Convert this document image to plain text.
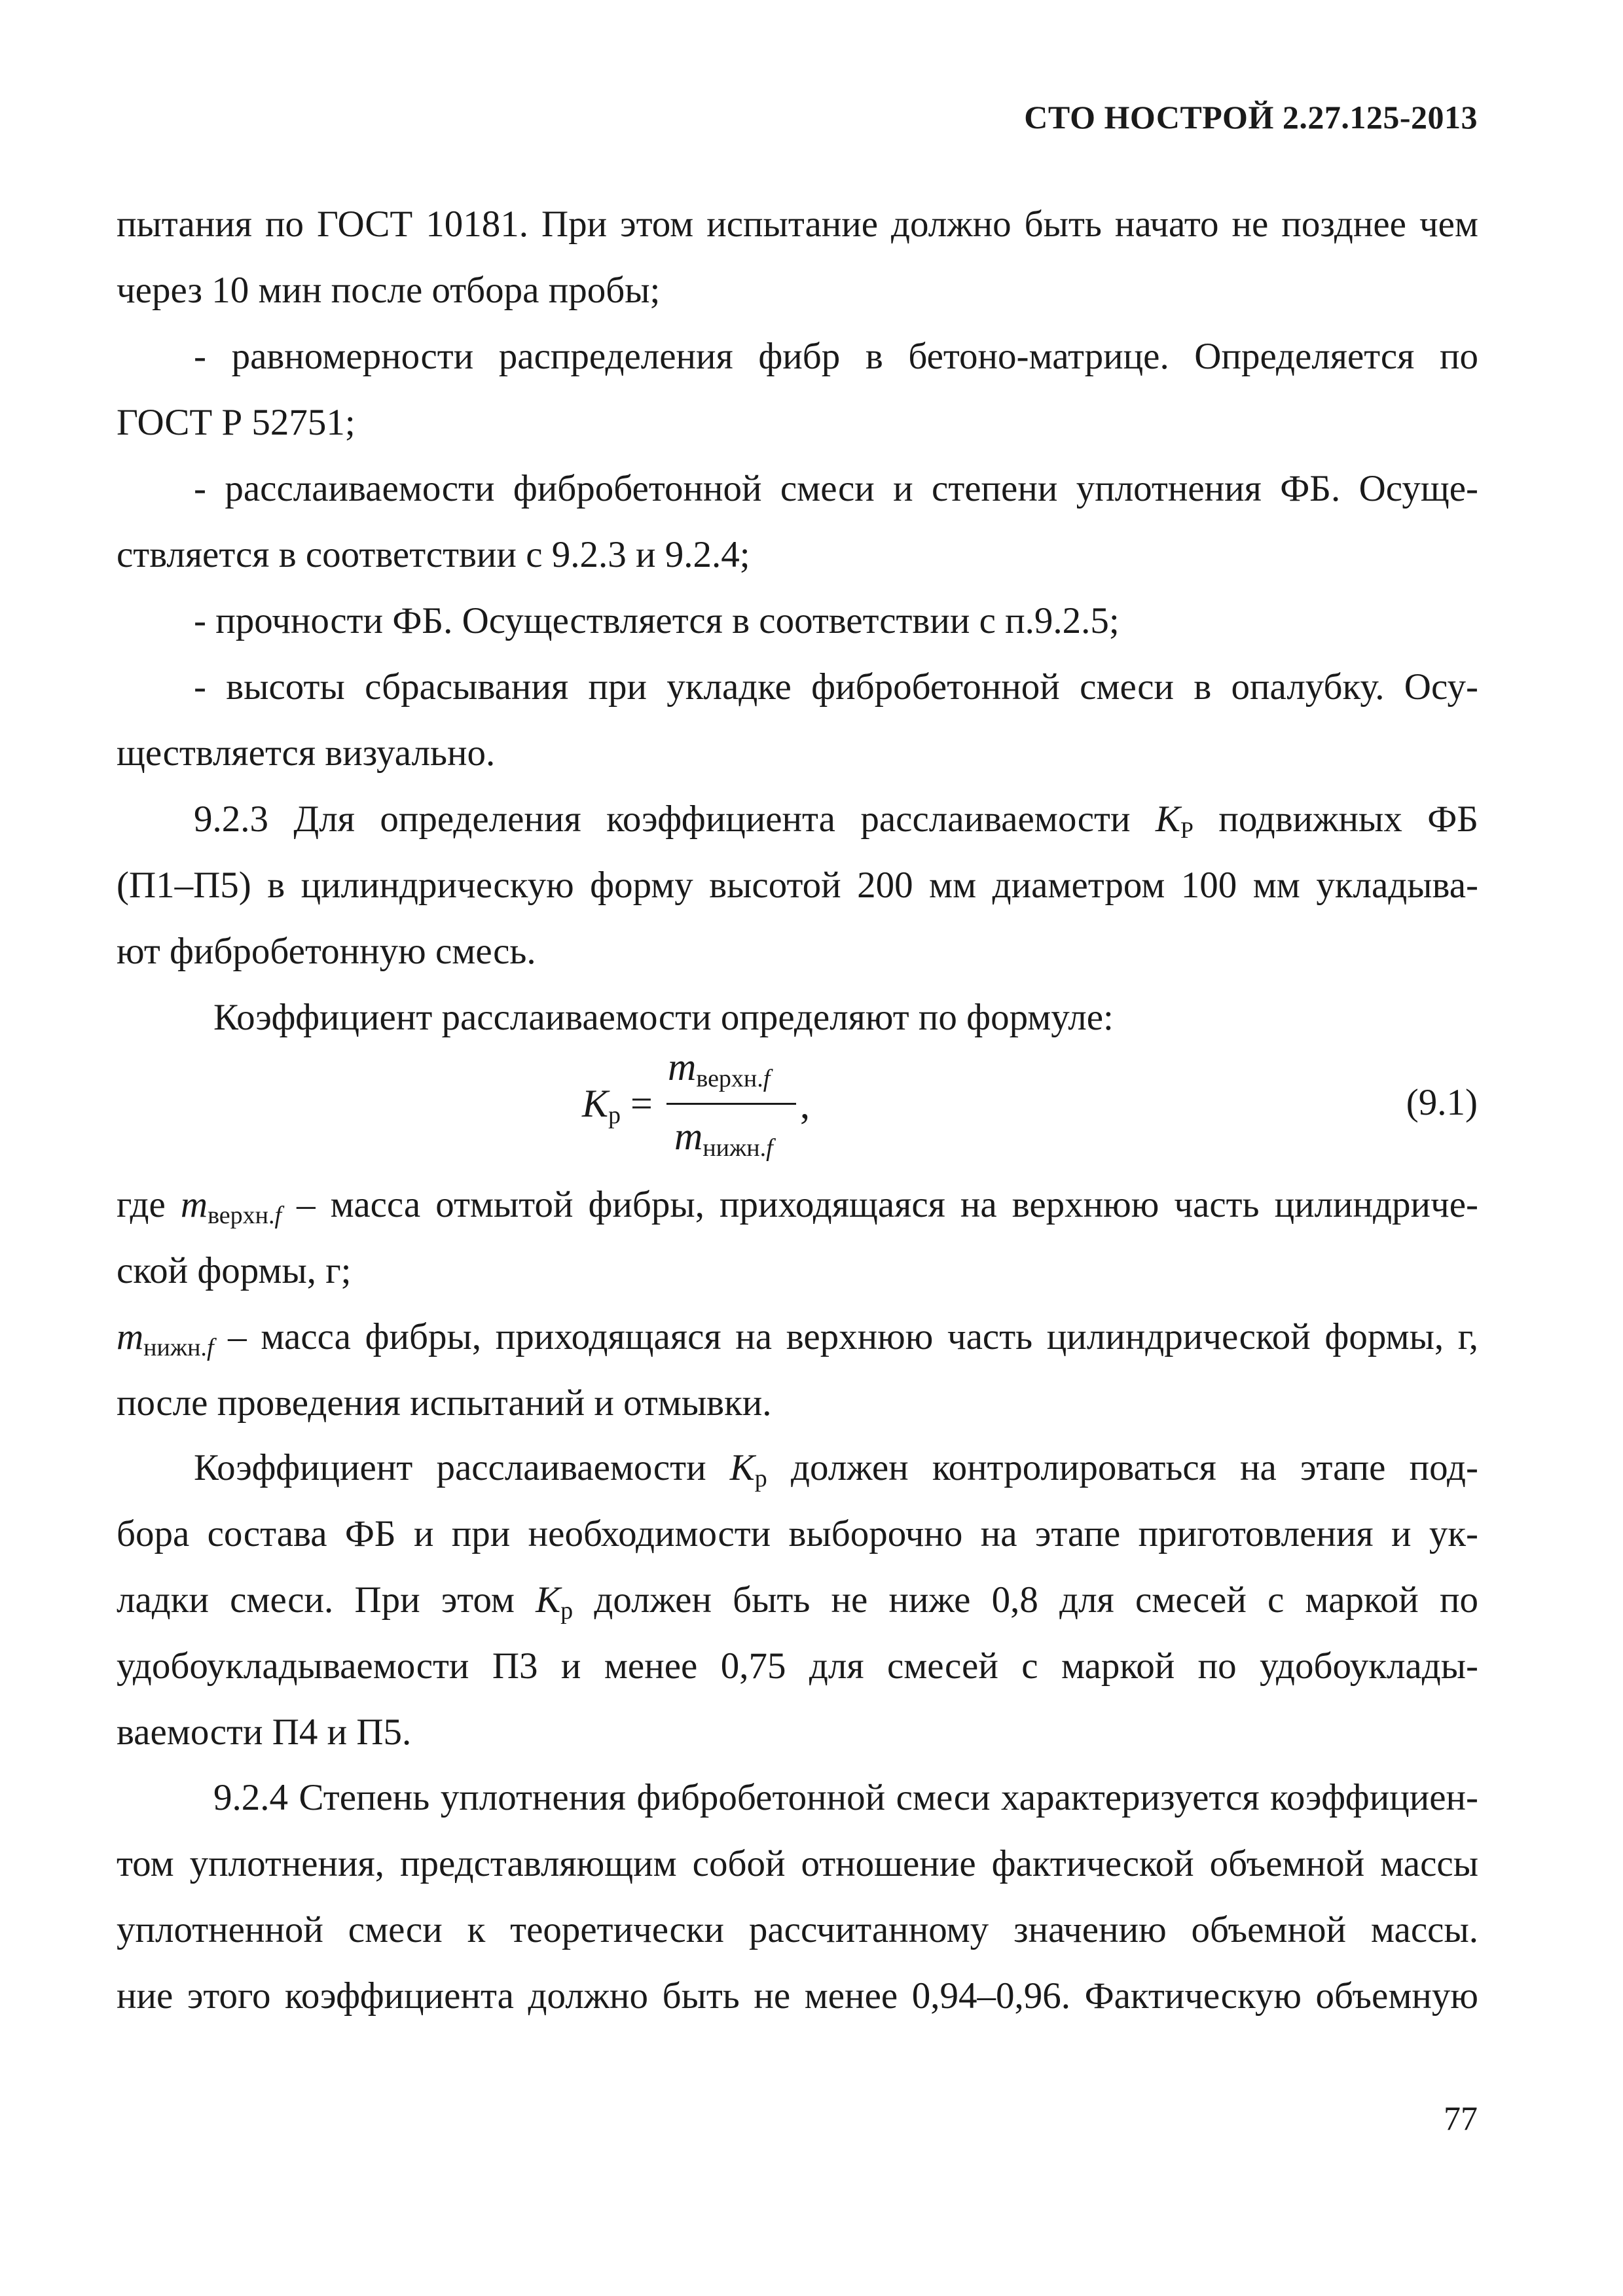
СТО НОСТРОЙ 2.27.125-2013
пытания по ГОСТ 10181. При этом испытание должно быть начато не позднее чем
через 10 мин после отбора пробы;
- равномерности распределения фибр в бетоно-матрице. Определяется по
ГОСТ Р 52751;
- расслаиваемости фибробетонной смеси и степени уплотнения ФБ. Осуще-
ствляется в соответствии с 9.2.3 и 9.2.4;
- прочности ФБ. Осуществляется в соответствии с п.9.2.5;
- высоты сбрасывания при укладке фибробетонной смеси в опалубку. Осу-
ществляется визуально.
9.2.3 Для определения коэффициента расслаиваемости $K_Р$ подвижных ФБ
(П1–П5) в цилиндрическую форму высотой 200 мм диаметром 100 мм укладыва-
ют фибробетонную смесь.
Коэффициент расслаиваемости определяют по формуле:
$K_р$ =
$m_{верхн.f}$
$m_{нижн.f}$
,	(9.1)
где $m_{верхн.f}$ – масса отмытой фибры, приходящаяся на верхнюю часть цилиндриче-
ской формы, г;
$m_{нижн.f}$ – масса фибры, приходящаяся на верхнюю часть цилиндрической формы, г,
после проведения испытаний и отмывки.
Коэффициент расслаиваемости $K_р$ должен контролироваться на этапе под-
бора состава ФБ и при необходимости выборочно на этапе приготовления и ук-
ладки смеси. При этом $K_р$ должен быть не ниже 0,8 для смесей с маркой по
удобоукладываемости П3 и менее 0,75 для смесей с маркой по удобоуклады-
ваемости П4 и П5.
9.2.4 Степень уплотнения фибробетонной смеси характеризуется коэффициен-
том уплотнения, представляющим собой отношение фактической объемной массы
уплотненной смеси к теоретически рассчитанному значению объемной массы.
ние этого коэффициента должно быть не менее 0,94–0,96. Фактическую объемную
77
